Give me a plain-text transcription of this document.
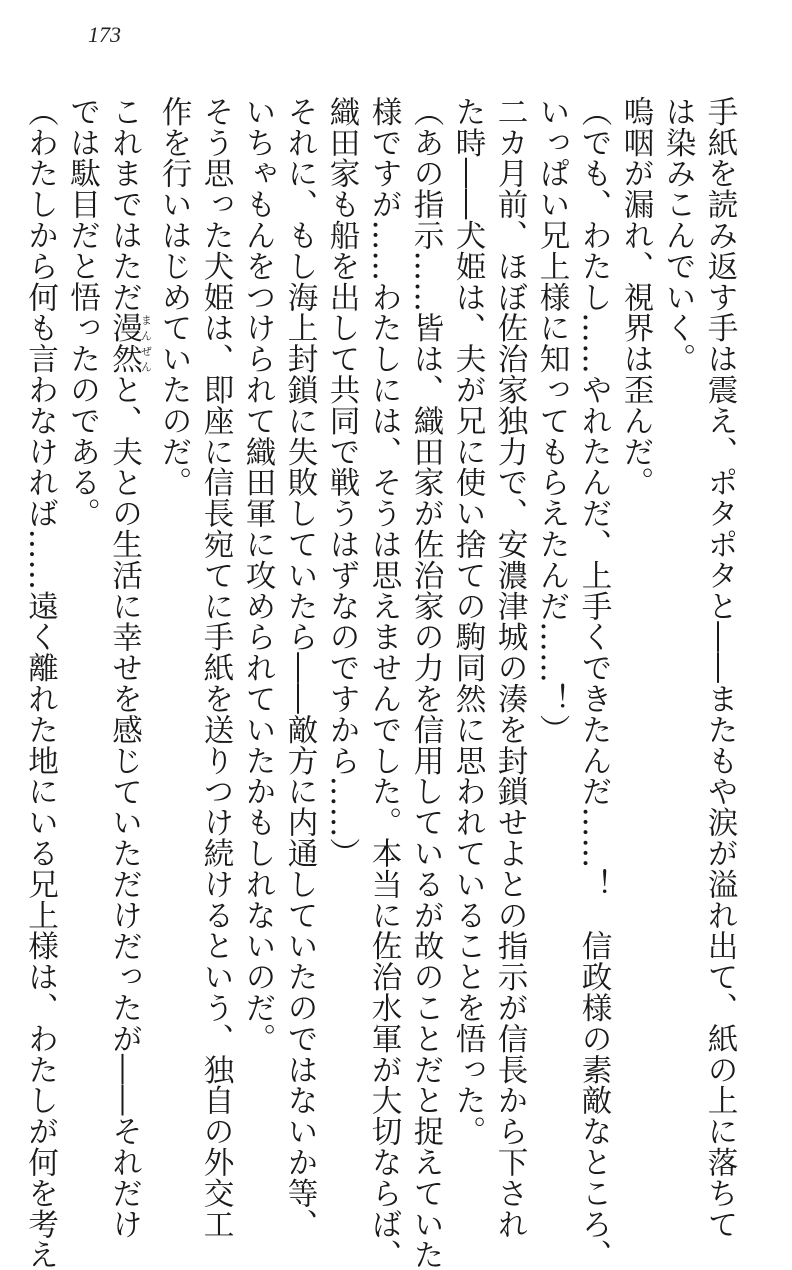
173
手紙を読み返す手は震え、ポタポタと――またもや涙が溢れ出て、紙の上に落ちて
は染みこんでいく。
嗚咽が漏れ、視界は歪んだ。
（でも、わたし……やれたんだ、上手くできたんだ……！　信政様の素敵なところ、
いっぱい兄上様に知ってもらえたんだ……！）
二カ月前、ほぼ佐治家独力で、安濃津城の湊を封鎖せよとの指示が信長から下され
た時――犬姫は、夫が兄に使い捨ての駒同然に思われていることを悟った。
（あの指示……皆は、織田家が佐治家の力を信用しているが故のことだと捉えていた
様ですが……わたしには、そうは思えませんでした。本当に佐治水軍が大切ならば、
織田家も船を出して共同で戦うはずなのですから……）
それに、もし海上封鎖に失敗していたら――敵方に内通していたのではないか等、
いちゃもんをつけられて織田軍に攻められていたかもしれないのだ。
そう思った犬姫は、即座に信長宛てに手紙を送りつけ続けるという、独自の外交工
作を行いはじめていたのだ。
これまではただ漫然まんぜんと、夫との生活に幸せを感じていただけだったが――それだけ
では駄目だと悟ったのである。
（わたしから何も言わなければ……遠く離れた地にいる兄上様は、わたしが何を考え
